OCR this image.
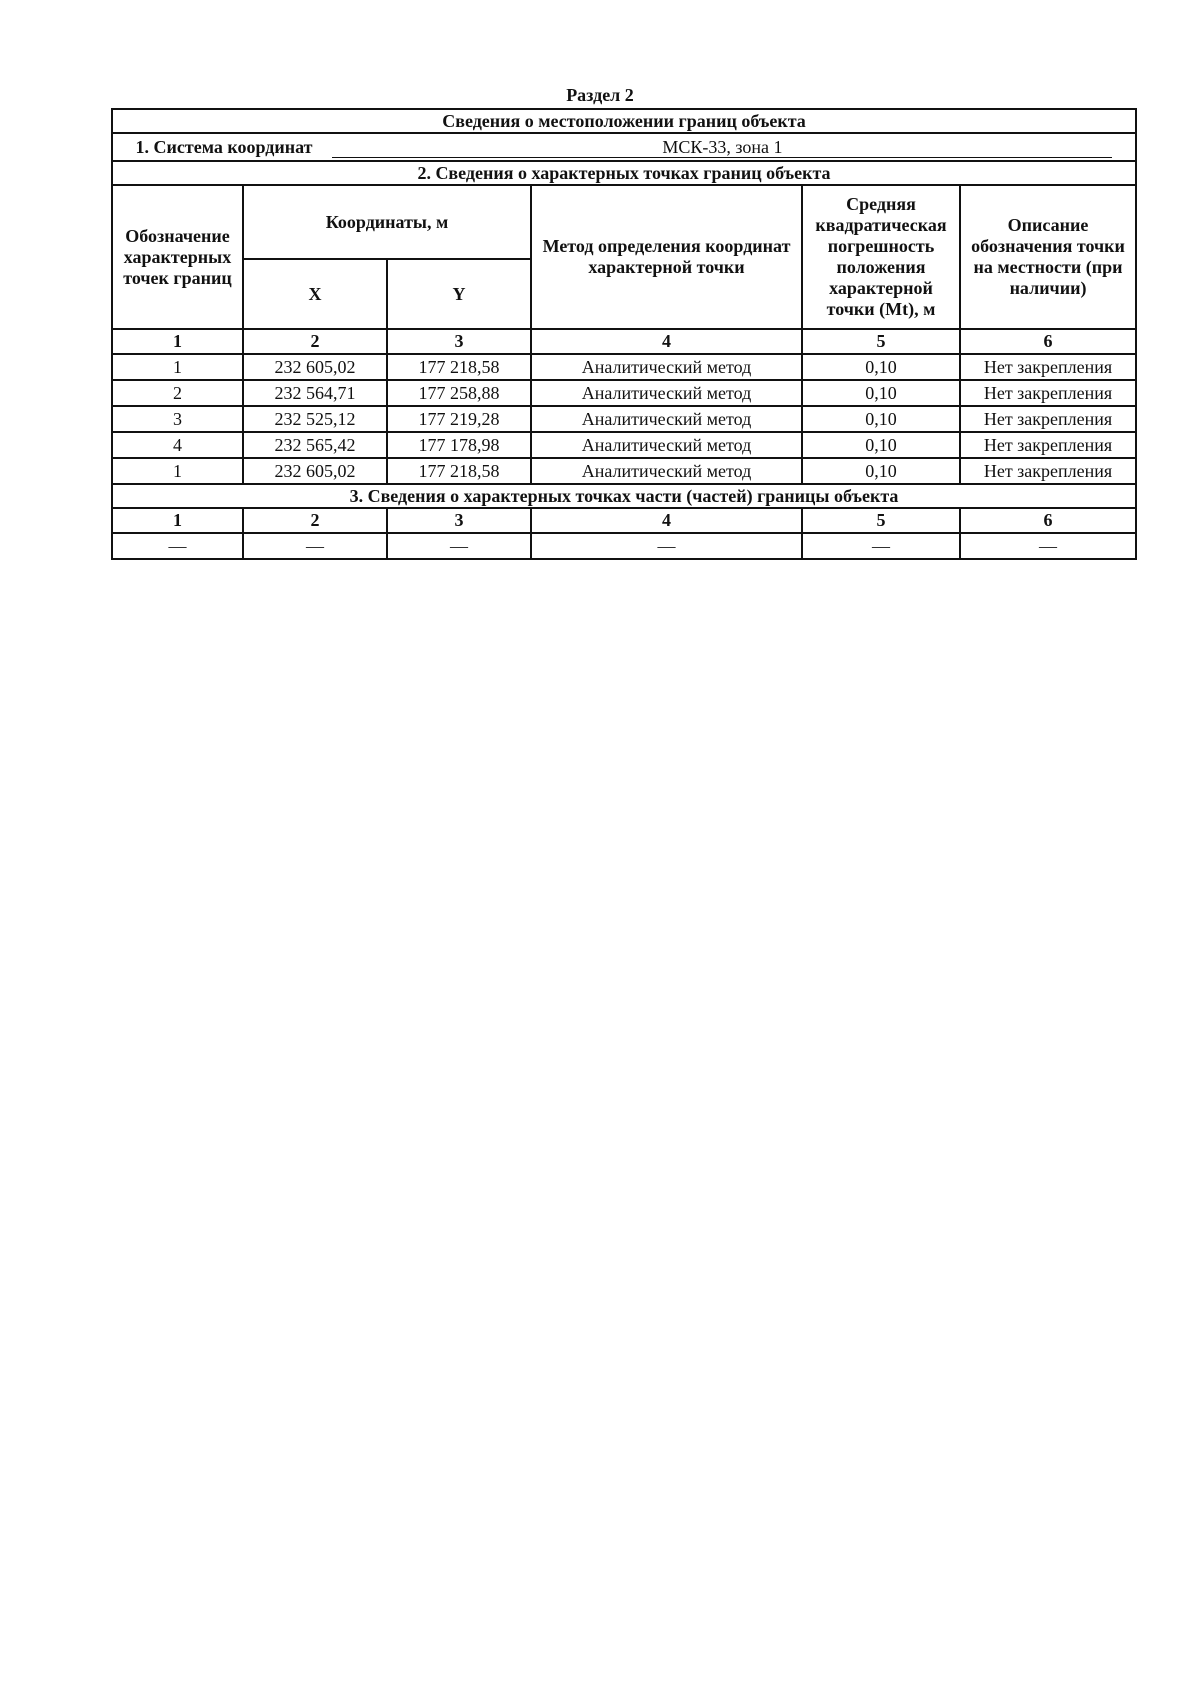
Раздел 2
Сведения о местоположении границ объекта					
1. Система координат МСК-33, зона 1					
2. Сведения о характерных точках границ объекта					
Обозначение характерных точек границ	Координаты, м		Метод определения координат характерной точки	Средняя квадратическая погрешность положения характерной точки (Mt), м	Описание обозначения точки на местности (при наличии)
	X	Y			
1	2	3	4	5	6
1	232 605,02	177 218,58	Аналитический метод	0,10	Нет закрепления
2	232 564,71	177 258,88	Аналитический метод	0,10	Нет закрепления
3	232 525,12	177 219,28	Аналитический метод	0,10	Нет закрепления
4	232 565,42	177 178,98	Аналитический метод	0,10	Нет закрепления
1	232 605,02	177 218,58	Аналитический метод	0,10	Нет закрепления
3. Сведения о характерных точках части (частей) границы объекта					
1	2	3	4	5	6
—	—	—	—	—	—
